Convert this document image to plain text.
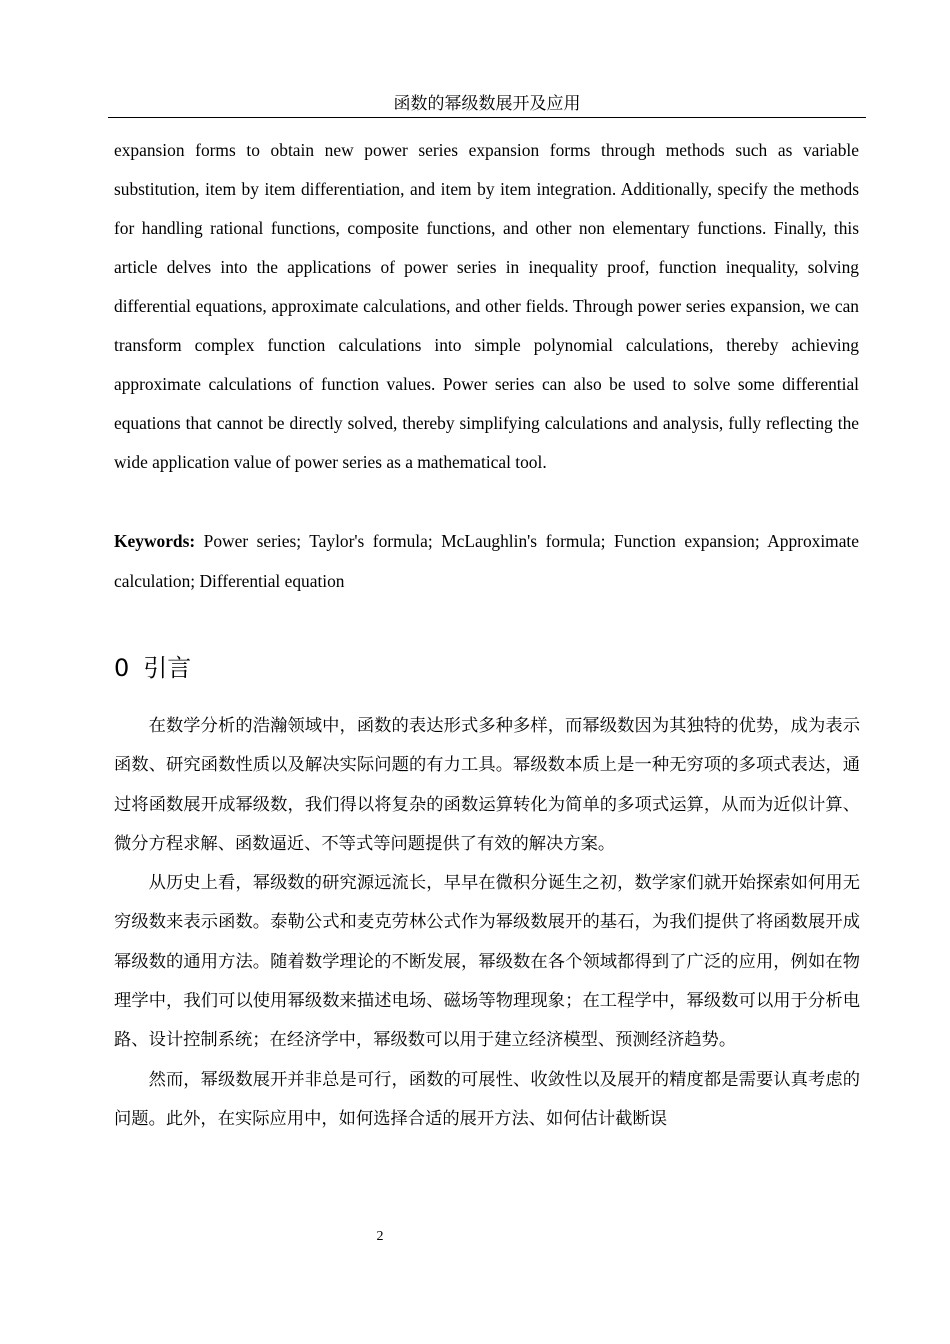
函数的幂级数展开及应用

expansion forms to obtain new power series expansion forms through methods such as variable substitution, item by item differentiation, and item by item integration. Additionally, specify the methods for handling rational functions, composite functions, and other non elementary functions. Finally, this article delves into the applications of power series in inequality proof, function inequality, solving differential equations, approximate calculations, and other fields. Through power series expansion, we can transform complex function calculations into simple polynomial calculations, thereby achieving approximate calculations of function values. Power series can also be used to solve some differential equations that cannot be directly solved, thereby simplifying calculations and analysis, fully reflecting the wide application value of power series as a mathematical tool.

Keywords: Power series; Taylor's formula; McLaughlin's formula; Function expansion; Approximate calculation; Differential equation

0 引言

在数学分析的浩瀚领域中，函数的表达形式多种多样，而幂级数因为其独特的优势，成为表示函数、研究函数性质以及解决实际问题的有力工具。幂级数本质上是一种无穷项的多项式表达，通过将函数展开成幂级数，我们得以将复杂的函数运算转化为简单的多项式运算，从而为近似计算、微分方程求解、函数逼近、不等式等问题提供了有效的解决方案。

从历史上看，幂级数的研究源远流长，早早在微积分诞生之初，数学家们就开始探索如何用无穷级数来表示函数。泰勒公式和麦克劳林公式作为幂级数展开的基石，为我们提供了将函数展开成幂级数的通用方法。随着数学理论的不断发展，幂级数在各个领域都得到了广泛的应用，例如在物理学中，我们可以使用幂级数来描述电场、磁场等物理现象；在工程学中，幂级数可以用于分析电路、设计控制系统；在经济学中，幂级数可以用于建立经济模型、预测经济趋势。

然而，幂级数展开并非总是可行，函数的可展性、收敛性以及展开的精度都是需要认真考虑的问题。此外，在实际应用中，如何选择合适的展开方法、如何估计截断误

2
